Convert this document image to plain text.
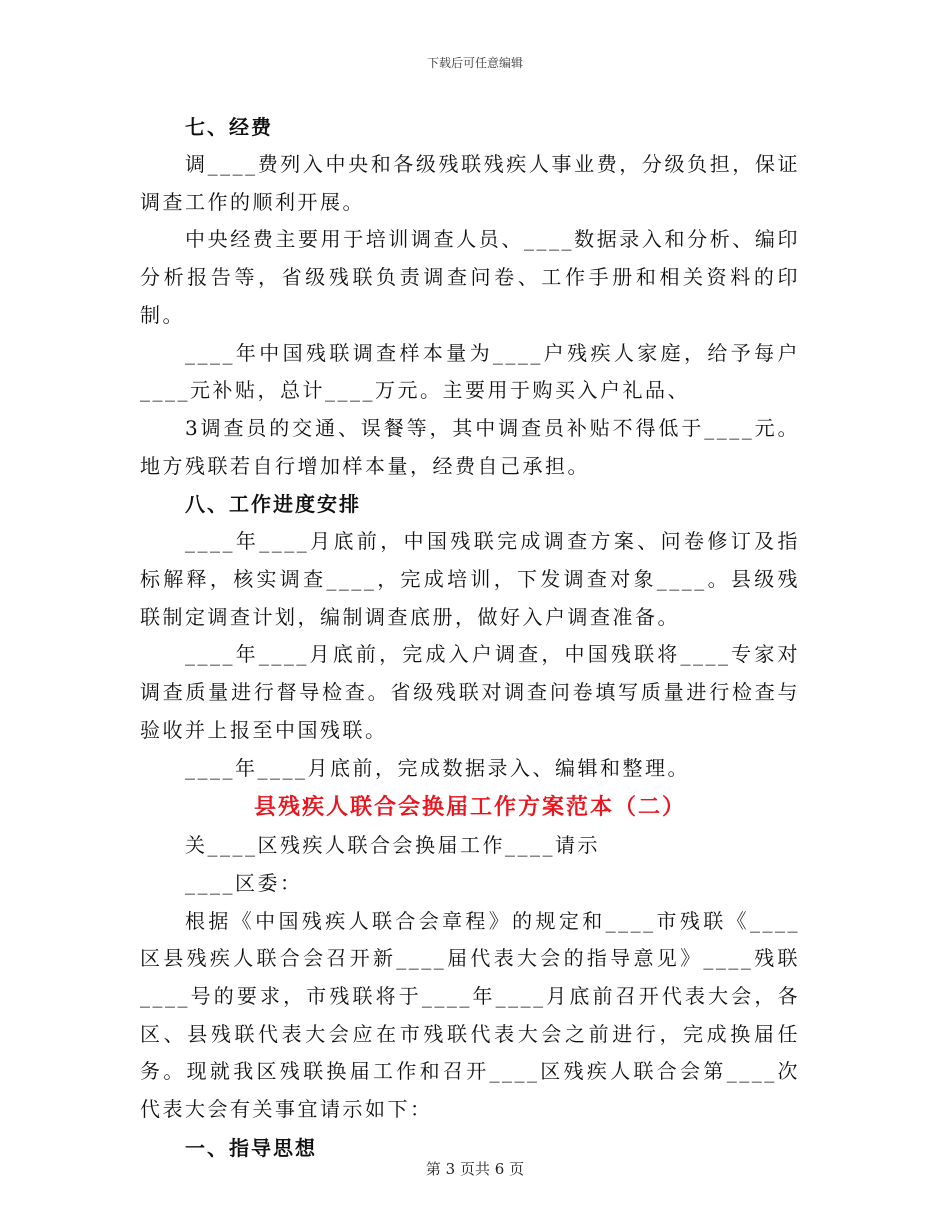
下载后可任意编辑

七、经费

调____费列入中央和各级残联残疾人事业费，分级负担，保证调查工作的顺利开展。

中央经费主要用于培训调查人员、____数据录入和分析、编印分析报告等，省级残联负责调查问卷、工作手册和相关资料的印制。

____年中国残联调查样本量为____户残疾人家庭，给予每户____元补贴，总计____万元。主要用于购买入户礼品、

3调查员的交通、误餐等，其中调查员补贴不得低于____元。地方残联若自行增加样本量，经费自己承担。

八、工作进度安排

____年____月底前，中国残联完成调查方案、问卷修订及指标解释，核实调查____，完成培训，下发调查对象____。县级残联制定调查计划，编制调查底册，做好入户调查准备。

____年____月底前，完成入户调查，中国残联将____专家对调查质量进行督导检查。省级残联对调查问卷填写质量进行检查与验收并上报至中国残联。

____年____月底前，完成数据录入、编辑和整理。

县残疾人联合会换届工作方案范本（二）

关____区残疾人联合会换届工作____请示

____区委：

根据《中国残疾人联合会章程》的规定和____市残联《____区县残疾人联合会召开新____届代表大会的指导意见》____残联____号的要求，市残联将于____年____月底前召开代表大会，各区、县残联代表大会应在市残联代表大会之前进行，完成换届任务。现就我区残联换届工作和召开____区残疾人联合会第____次代表大会有关事宜请示如下：

一、指导思想

第 3 页共 6 页
